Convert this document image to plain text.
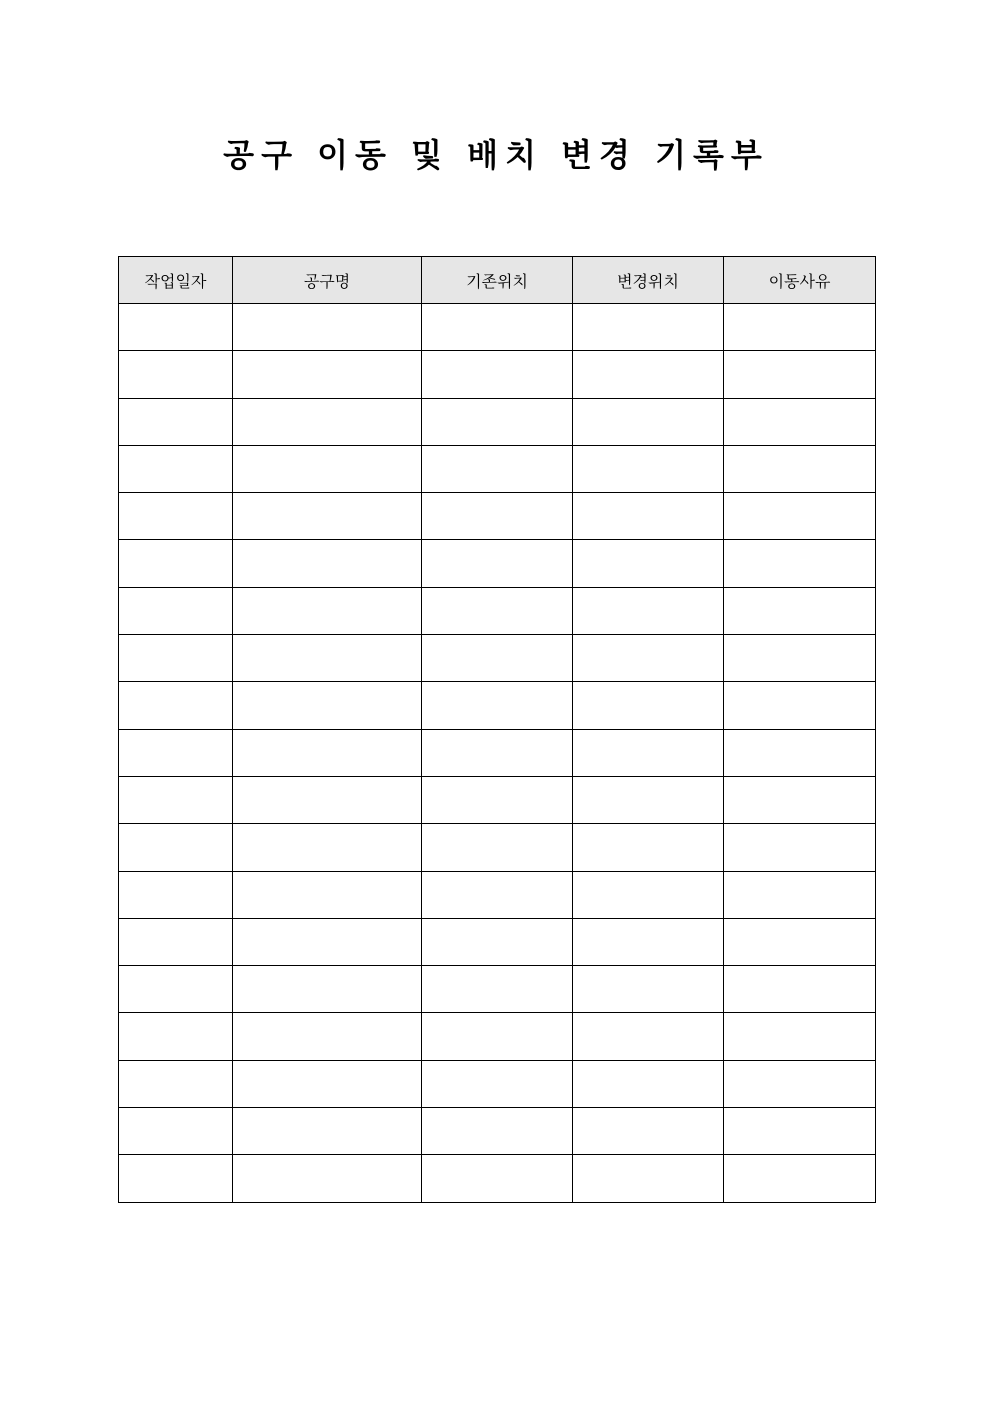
공구 이동 및 배치 변경 기록부
작업일자	공구명	기존위치	변경위치	이동사유
